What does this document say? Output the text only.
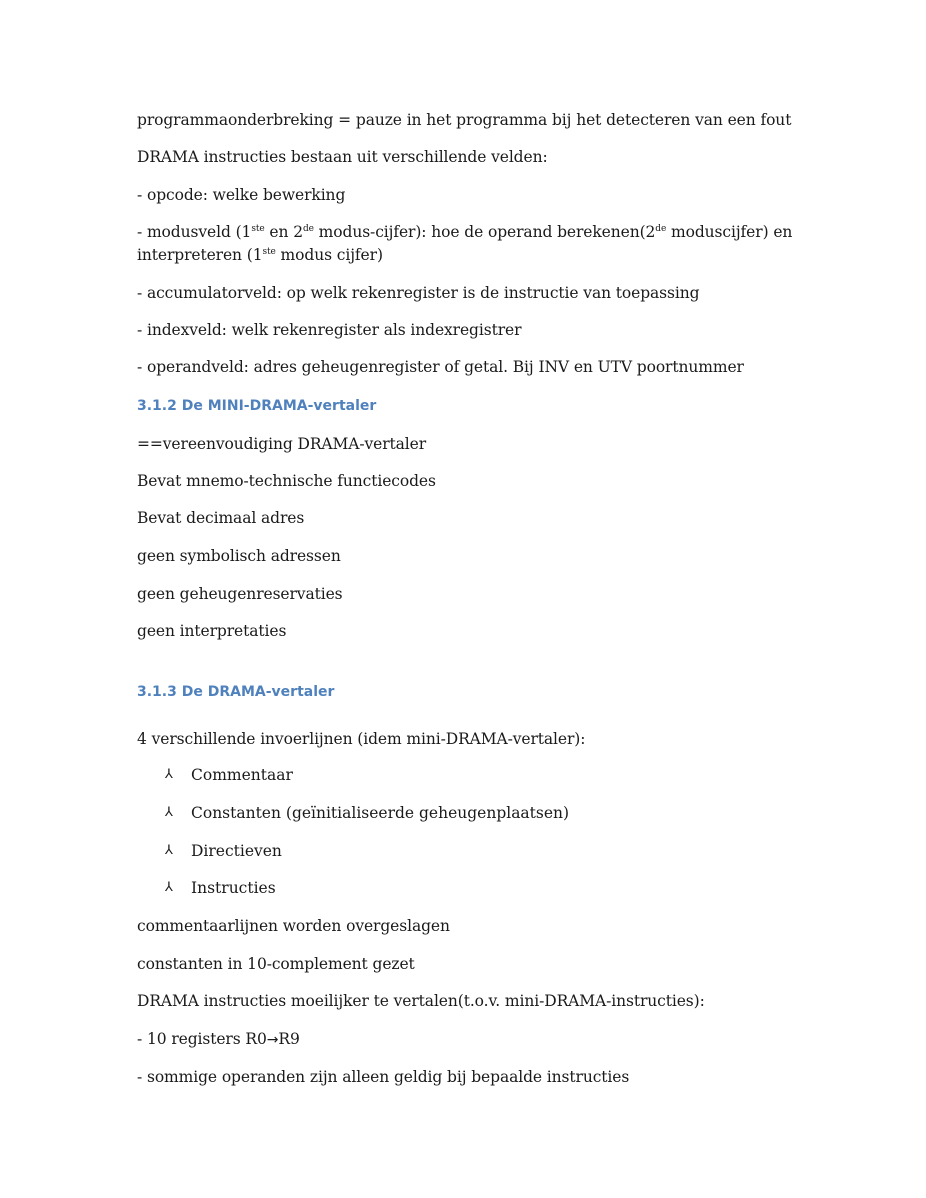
programmaonderbreking = pauze in het programma bij het detecteren van een fout
DRAMA instructies bestaan uit verschillende velden:
- opcode: welke bewerking
- modusveld (1ste en 2de modus-cijfer): hoe de operand berekenen(2de moduscijfer) en
interpreteren (1ste modus cijfer)
- accumulatorveld: op welk rekenregister is de instructie van toepassing
- indexveld: welk rekenregister als indexregistrer
- operandveld: adres geheugenregister of getal. Bij INV en UTV poortnummer
3.1.2 De MINI-DRAMA-vertaler
==vereenvoudiging DRAMA-vertaler
Bevat mnemo-technische functiecodes
Bevat decimaal adres
geen symbolisch adressen
geen geheugenreservaties
geen interpretaties
3.1.3 De DRAMA-vertaler
4 verschillende invoerlijnen (idem mini-DRAMA-vertaler):
⅄ Commentaar
⅄ Constanten (geïnitialiseerde geheugenplaatsen)
⅄ Directieven
⅄ Instructies
commentaarlijnen worden overgeslagen
constanten in 10-complement gezet
DRAMA instructies moeilijker te vertalen(t.o.v. mini-DRAMA-instructies):
- 10 registers R0→R9
- sommige operanden zijn alleen geldig bij bepaalde instructies
